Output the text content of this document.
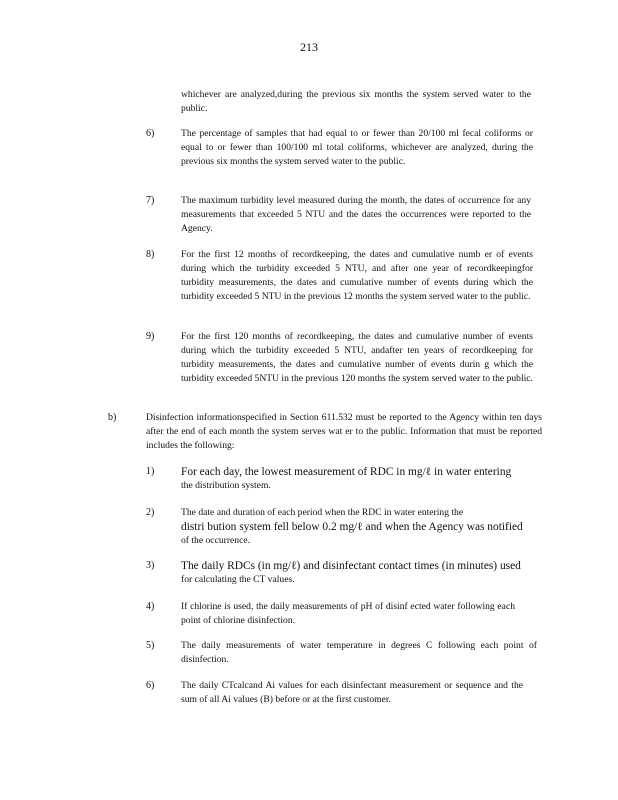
213

whichever are analyzed,during the previous six months the system served water to the public.

6)	The percentage of samples that had equal to or fewer than 20/100 ml fecal coliforms or equal to or fewer than 100/100 ml total coliforms, whichever are analyzed, during the previous six months the system served water to the public.

7)	The maximum turbidity level measured during the month, the dates of occurrence for any measurements that exceeded 5 NTU and the dates the occurrences were reported to the Agency.

8)	For the first 12 months of recordkeeping, the dates and cumulative numb er of events during which the turbidity exceeded 5 NTU, and after one year of recordkeepingfor turbidity measurements, the dates and cumulative number of events during which the turbidity exceeded 5 NTU in the previous 12 months the system served water to the public.

9)	For the first 120 months of recordkeeping, the dates and cumulative number of events during which the turbidity exceeded 5 NTU, andafter ten years of recordkeeping for turbidity measurements, the dates and cumulative number of events durin g which the turbidity exceeded 5NTU in the previous 120 months the system served water to the public.

b)	Disinfection informationspecified in Section 611.532 must be reported to the Agency within ten days after the end of each month the system serves wat er to the public. Information that must be reported includes the following:

1) For each day, the lowest measurement of RDC in mg/ℓ in water entering
the distribution system.
2)	The date and duration of each period when the RDC in water entering the
distri bution system fell below 0.2 mg/ℓ and when the Agency was notified
of the occurrence.
3) The daily RDCs (in mg/ℓ) and disinfectant contact times (in minutes) used
for calculating the CT values.
4)	If chlorine is used, the daily measurements of pH of disinf ected water following each point of chlorine disinfection.

5)	The daily measurements of water temperature in degrees C following each point of disinfection.

6)	The daily CTcalcand Ai values for each disinfectant measurement or sequence and the sum of all Ai values (B) before or at the first customer.
